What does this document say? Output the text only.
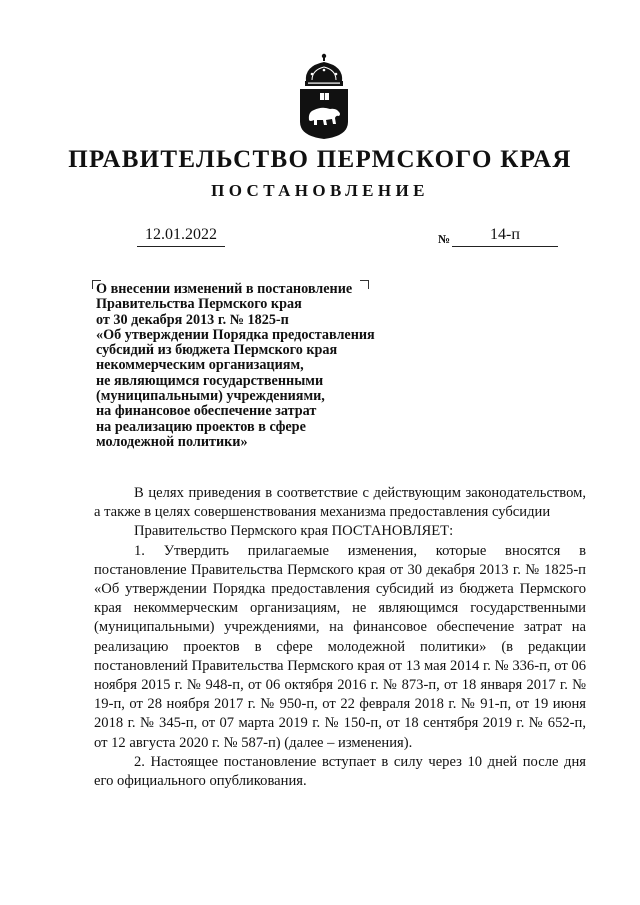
ПРАВИТЕЛЬСТВО ПЕРМСКОГО КРАЯ
ПОСТАНОВЛЕНИЕ
12.01.2022	№	14-п
О внесении изменений в постановление
Правительства Пермского края
от 30 декабря 2013 г. № 1825-п
«Об утверждении Порядка предоставления
субсидий из бюджета Пермского края
некоммерческим организациям,
не являющимся государственными
(муниципальными) учреждениями,
на финансовое обеспечение затрат
на реализацию проектов в сфере
молодежной политики»

В целях приведения в соответствие с действующим законодательством, а также в целях совершенствования механизма предоставления субсидии

Правительство Пермского края ПОСТАНОВЛЯЕТ:

1. Утвердить прилагаемые изменения, которые вносятся в постановление Правительства Пермского края от 30 декабря 2013 г. № 1825-п «Об утверждении Порядка предоставления субсидий из бюджета Пермского края некоммерческим организациям, не являющимся государственными (муниципальными) учреждениями, на финансовое обеспечение затрат на реализацию проектов в сфере молодежной политики» (в редакции постановлений Правительства Пермского края от 13 мая 2014 г. № 336-п, от 06 ноября 2015 г. № 948-п, от 06 октября 2016 г. № 873-п, от 18 января 2017 г. № 19-п, от 28 ноября 2017 г. № 950-п, от 22 февраля 2018 г. № 91-п, от 19 июня 2018 г. № 345-п, от 07 марта 2019 г. № 150-п, от 18 сентября 2019 г. № 652-п, от 12 августа 2020 г. № 587-п) (далее – изменения).

2. Настоящее постановление вступает в силу через 10 дней после дня его официального опубликования.
